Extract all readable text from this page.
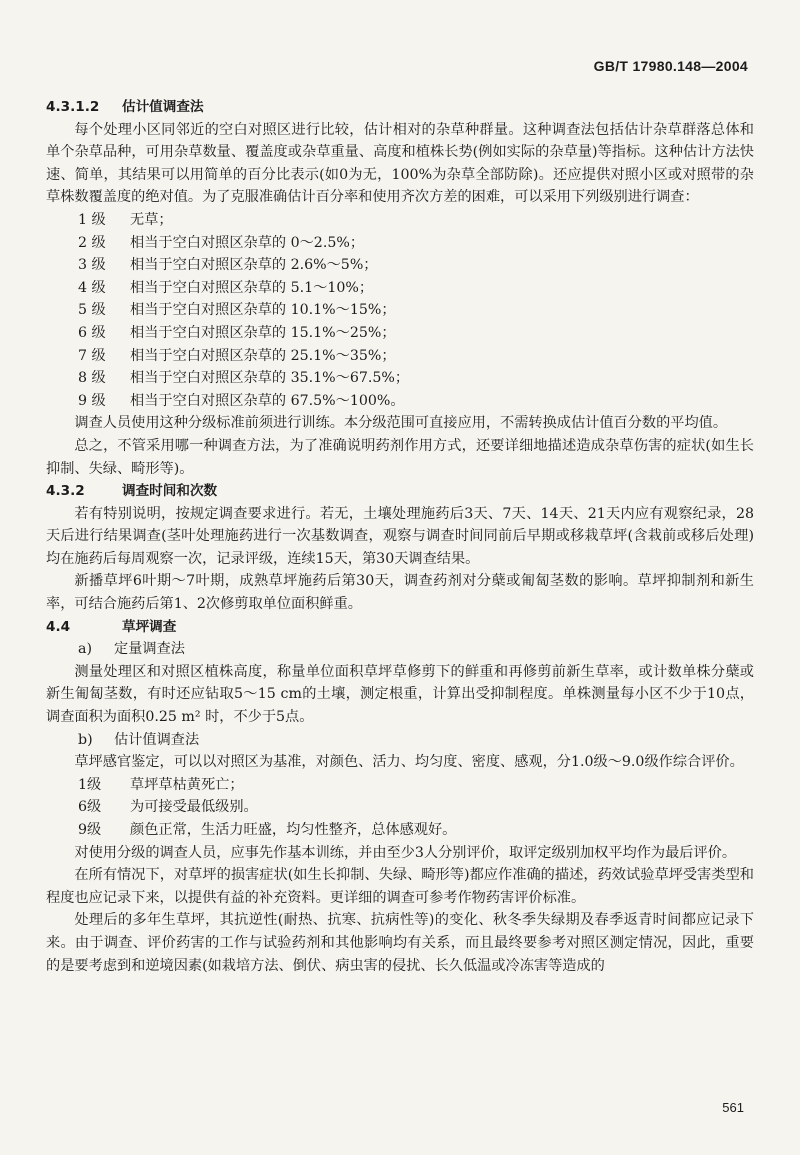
GB/T 17980.148—2004

4.3.1.2 估计值调查法

每个处理小区同邻近的空白对照区进行比较，估计相对的杂草种群量。这种调查法包括估计杂草群落总体和单个杂草品种，可用杂草数量、覆盖度或杂草重量、高度和植株长势(例如实际的杂草量)等指标。这种估计方法快速、简单，其结果可以用简单的百分比表示(如0为无，100%为杂草全部防除)。还应提供对照小区或对照带的杂草株数覆盖度的绝对值。为了克服准确估计百分率和使用齐次方差的困难，可以采用下列级别进行调查：

1 级 无草；

2 级 相当于空白对照区杂草的 0～2.5%；

3 级 相当于空白对照区杂草的 2.6%～5%；

4 级 相当于空白对照区杂草的 5.1～10%；

5 级 相当于空白对照区杂草的 10.1%～15%；

6 级 相当于空白对照区杂草的 15.1%～25%；

7 级 相当于空白对照区杂草的 25.1%～35%；

8 级 相当于空白对照区杂草的 35.1%～67.5%；

9 级 相当于空白对照区杂草的 67.5%～100%。

调查人员使用这种分级标准前须进行训练。本分级范围可直接应用，不需转换成估计值百分数的平均值。

总之，不管采用哪一种调查方法，为了准确说明药剂作用方式，还要详细地描述造成杂草伤害的症状(如生长抑制、失绿、畸形等)。

4.3.2	调查时间和次数

若有特别说明，按规定调查要求进行。若无，土壤处理施药后3天、7天、14天、21天内应有观察纪录，28天后进行结果调查(茎叶处理施药进行一次基数调查，观察与调查时间同前后早期或移栽草坪(含栽前或移后处理)均在施药后每周观察一次，记录评级，连续15天，第30天调查结果。

新播草坪6叶期～7叶期，成熟草坪施药后第30天，调查药剂对分蘖或匍匐茎数的影响。草坪抑制剂和新生率，可结合施药后第1、2次修剪取单位面积鲜重。

4.4	草坪调查

a) 定量调查法

测量处理区和对照区植株高度，称量单位面积草坪草修剪下的鲜重和再修剪前新生草率，或计数单株分蘖或新生匍匐茎数，有时还应钻取5～15 cm的土壤，测定根重，计算出受抑制程度。单株测量每小区不少于10点，调查面积为面积0.25 m² 时，不少于5点。

b) 估计值调查法

草坪感官鉴定，可以以对照区为基准，对颜色、活力、均匀度、密度、感观，分1.0级～9.0级作综合评价。

1级 草坪草枯黄死亡；

6级 为可接受最低级别。

9级 颜色正常，生活力旺盛，均匀性整齐，总体感观好。

对使用分级的调查人员，应事先作基本训练，并由至少3人分别评价，取评定级别加权平均作为最后评价。

在所有情况下，对草坪的损害症状(如生长抑制、失绿、畸形等)都应作准确的描述，药效试验草坪受害类型和程度也应记录下来，以提供有益的补充资料。更详细的调查可参考作物药害评价标准。

处理后的多年生草坪，其抗逆性(耐热、抗寒、抗病性等)的变化、秋冬季失绿期及春季返青时间都应记录下来。由于调查、评价药害的工作与试验药剂和其他影响均有关系，而且最终要参考对照区测定情况，因此，重要的是要考虑到和逆境因素(如栽培方法、倒伏、病虫害的侵扰、长久低温或冷冻害等造成的

561
